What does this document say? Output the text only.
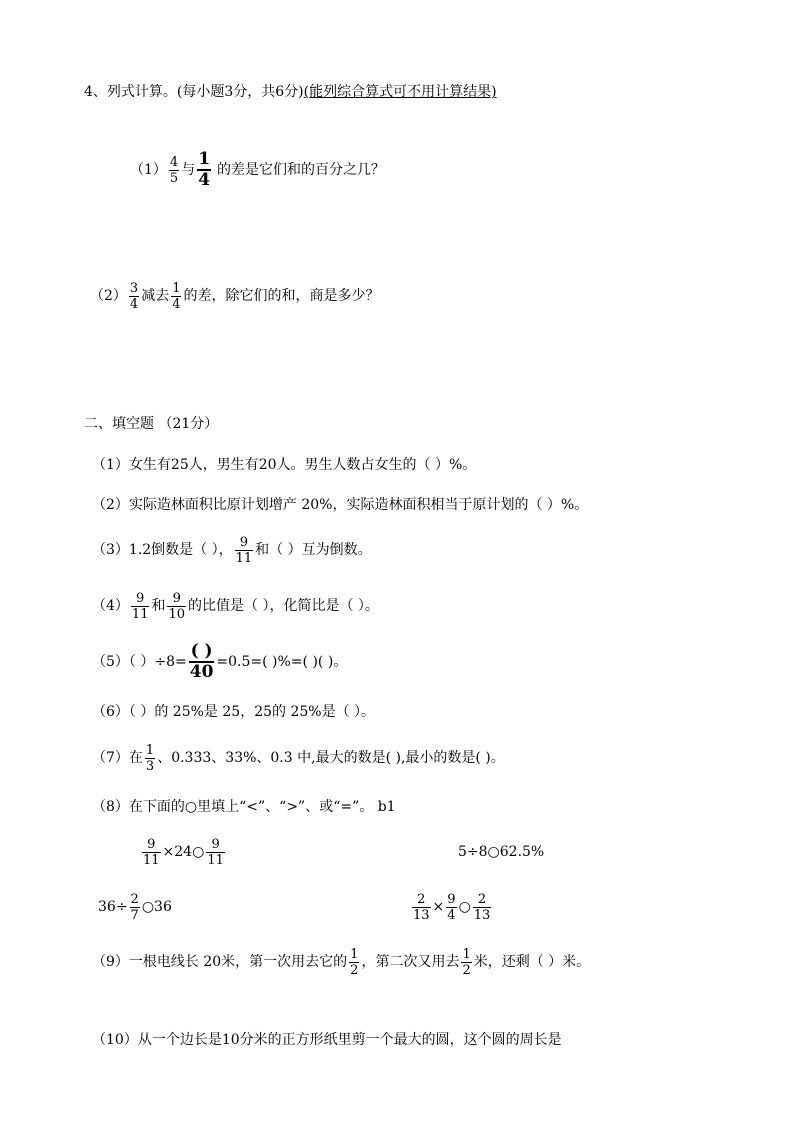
4、列式计算。(每小题3分，共6分)(能列综合算式可不用计算结果)
$(1) \frac{4}{5}$ 与 $\frac{1}{4}$ 的差是它们和的百分之几？
$(2) \frac{3}{4}$ 减去 $\frac{1}{4}$ 的差，除它们的和，商是多少？
二、填空题 （21分）
（1）女生有25人，男生有20人。男生人数占女生的（ ）%。
（2）实际造林面积比原计划增产 20%，实际造林面积相当于原计划的（ ）%。
（3）1.2倒数是（ ）， $\frac{9}{11}$ 和（ ）互为倒数。
$(4) \frac{9}{11}$ 和 $\frac{9}{10}$ 的比值是（ ），化简比是（ ）。
（5）（ ）$\div 8= \frac{( )}{40} =0.5=$( )%=( )( )。
（6）（ ）的 25%是 25，25的 25%是（ ）。
（7）在 $\frac{1}{3}$ 、0.333、33%、0.3 中,最大的数是( ),最小的数是( )。
（8）在下面的○里填上“<”、“>”、或“=”。 b1
$\frac{9}{11}$ ×24○ $\frac{9}{11}$	5÷8○62.5%
$36\div \frac{2}{7}$ ○36	$\frac{2}{13} \times \frac{9}{4}$ ○ $\frac{2}{13}$
（9）一根电线长 20米，第一次用去它的 $\frac{1}{2}$ ，第二次又用去 $\frac{1}{2}$ 米，还剩（ ）米。
（10）从一个边长是10分米的正方形纸里剪一个最大的圆，这个圆的周长是
